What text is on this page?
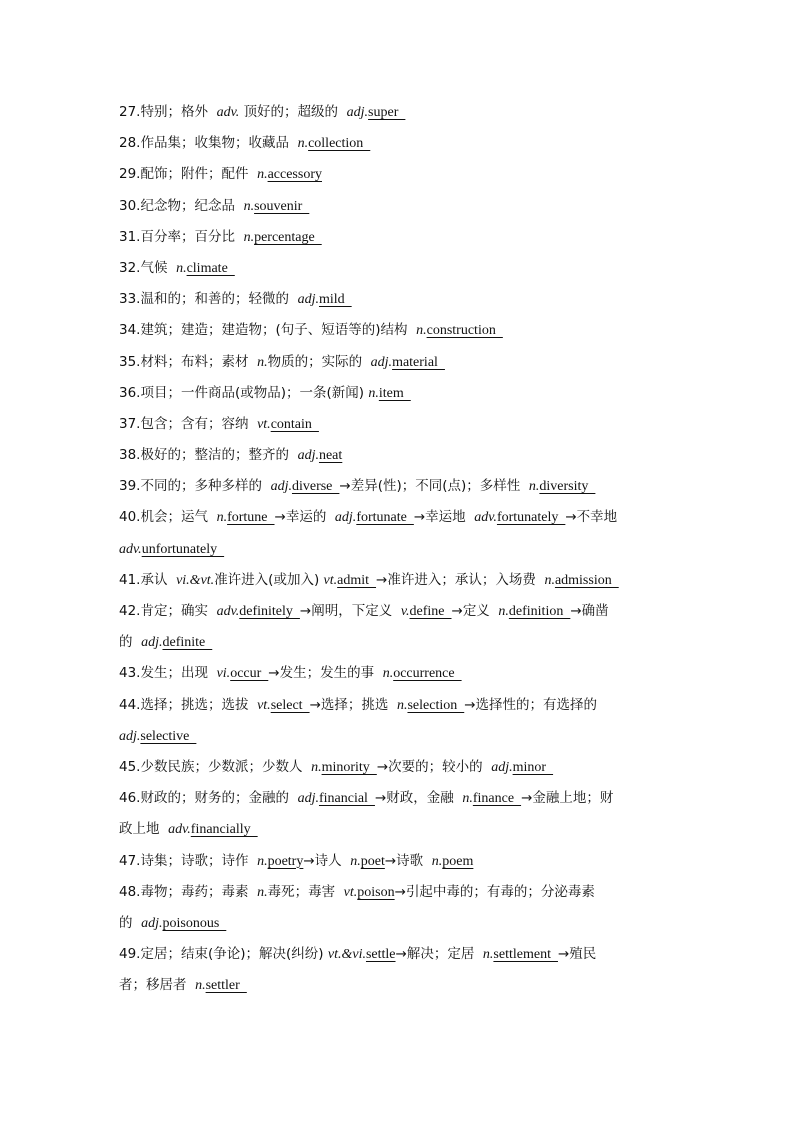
27.特别；格外 adv. 顶好的；超级的 adj.super
28.作品集；收集物；收藏品 n.collection
29.配饰；附件；配件 n.accessory
30.纪念物；纪念品 n.souvenir
31.百分率；百分比 n.percentage
32.气候 n.climate
33.温和的；和善的；轻微的 adj.mild
34.建筑；建造；建造物；(句子、短语等的)结构 n.construction
35.材料；布料；素材 n.物质的；实际的 adj.material
36.项目；一件商品(或物品)；一条(新闻) n.item
37.包含；含有；容纳 vt.contain
38.极好的；整洁的；整齐的 adj.neat
39.不同的；多种多样的 adj.diverse  →差异(性)；不同(点)；多样性 n.diversity
40.机会；运气 n.fortune  →幸运的 adj.fortunate  →幸运地 adv.fortunately  →不幸地
adv.unfortunately
41.承认 vi.&vt.准许进入(或加入) vt.admit  →准许进入；承认；入场费 n.admission
42.肯定；确实 adv.definitely  →阐明，下定义 v.define  →定义 n.definition  →确凿
的 adj.definite
43.发生；出现 vi.occur  →发生；发生的事 n.occurrence
44.选择；挑选；选拔 vt.select  →选择；挑选 n.selection  →选择性的；有选择的
adj.selective
45.少数民族；少数派；少数人 n.minority  →次要的；较小的 adj.minor
46.财政的；财务的；金融的 adj.financial  →财政，金融 n.finance  →金融上地；财
政上地 adv.financially
47.诗集；诗歌；诗作 n.poetry→诗人 n.poet→诗歌 n.poem
48.毒物；毒药；毒素 n.毒死；毒害 vt.poison→引起中毒的；有毒的；分泌毒素
的 adj.poisonous
49.定居；结束(争论)；解决(纠纷) vt.&vi.settle→解决；定居 n.settlement  →殖民
者；移居者 n.settler
